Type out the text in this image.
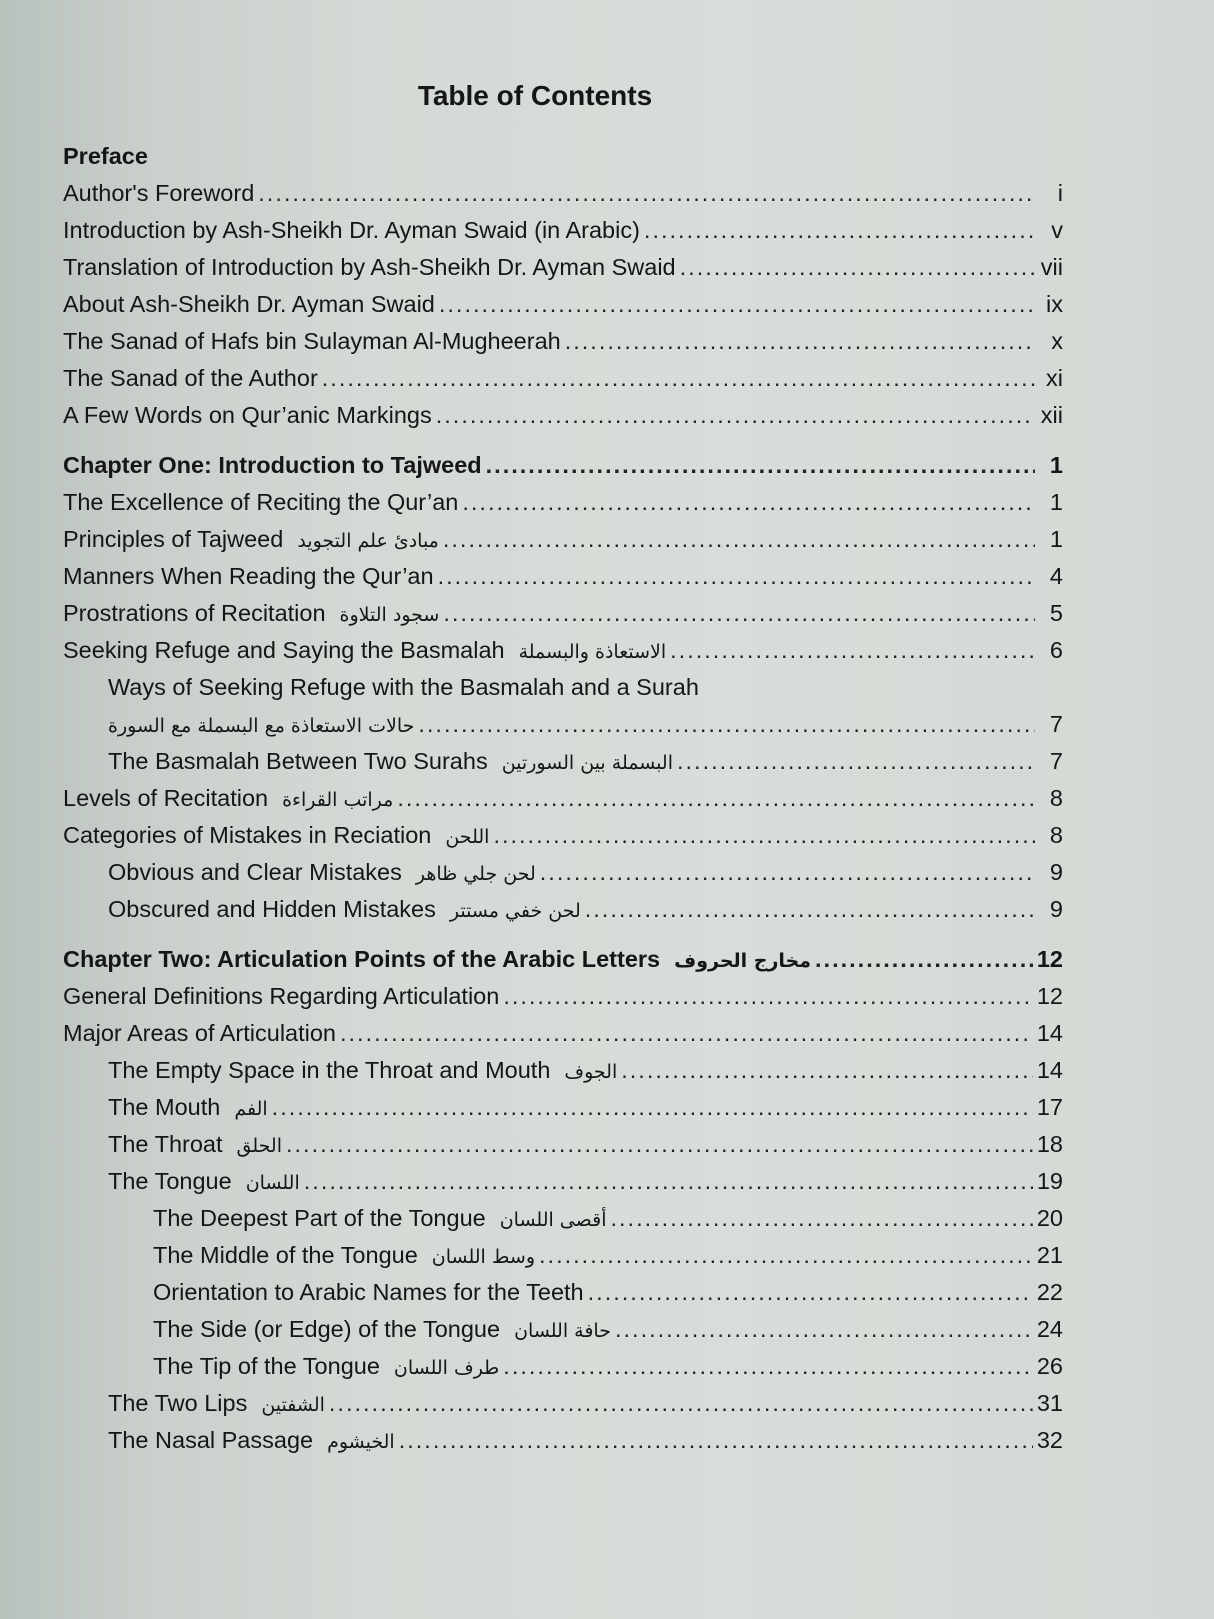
Table of Contents
Preface
Author's Foreword .....	i
Introduction by Ash-Sheikh Dr. Ayman Swaid (in Arabic) .....	v
Translation of Introduction by Ash-Sheikh Dr. Ayman Swaid .....	vii
About Ash-Sheikh Dr. Ayman Swaid .....	ix
The Sanad of Hafs bin Sulayman Al-Mugheerah .....	x
The Sanad of the Author .....	xi
A Few Words on Qur’anic Markings .....	xii
Chapter One: Introduction to Tajweed .....	1
The Excellence of Reciting the Qur’an .....	1
Principles of Tajweed مبادئ علم التجويد .....	1
Manners When Reading the Qur’an .....	4
Prostrations of Recitation سجود التلاوة .....	5
Seeking Refuge and Saying the Basmalah الاستعاذة والبسملة .....	6
Ways of Seeking Refuge with the Basmalah and a Surah
حالات الاستعاذة مع البسملة مع السورة .....	7
The Basmalah Between Two Surahs البسملة بين السورتين .....	7
Levels of Recitation مراتب القراءة .....	8
Categories of Mistakes in Reciation اللحن .....	8
Obvious and Clear Mistakes لحن جلي ظاهر .....	9
Obscured and Hidden Mistakes لحن خفي مستتر .....	9
Chapter Two: Articulation Points of the Arabic Letters مخارج الحروف .....	12
General Definitions Regarding Articulation .....	12
Major Areas of Articulation .....	14
The Empty Space in the Throat and Mouth الجوف .....	14
The Mouth الفم .....	17
The Throat الحلق .....	18
The Tongue اللسان .....	19
The Deepest Part of the Tongue أقصى اللسان .....	20
The Middle of the Tongue وسط اللسان .....	21
Orientation to Arabic Names for the Teeth .....	22
The Side (or Edge) of the Tongue حافة اللسان .....	24
The Tip of the Tongue طرف اللسان .....	26
The Two Lips الشفتين .....	31
The Nasal Passage الخيشوم .....	32
